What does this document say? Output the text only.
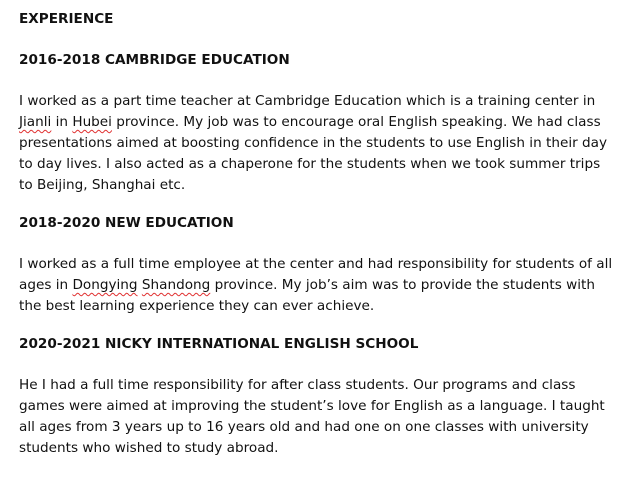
EXPERIENCE
2016-2018 CAMBRIDGE EDUCATION
I worked as a part time teacher at Cambridge Education which is a training center in
Jianli in Hubei province. My job was to encourage oral English speaking. We had class
presentations aimed at boosting confidence in the students to use English in their day
to day lives. I also acted as a chaperone for the students when we took summer trips
to Beijing, Shanghai etc.
2018-2020 NEW EDUCATION
I worked as a full time employee at the center and had responsibility for students of all
ages in Dongying Shandong province. My job’s aim was to provide the students with
the best learning experience they can ever achieve.
2020-2021 NICKY INTERNATIONAL ENGLISH SCHOOL
He I had a full time responsibility for after class students. Our programs and class
games were aimed at improving the student’s love for English as a language. I taught
all ages from 3 years up to 16 years old and had one on one classes with university
students who wished to study abroad.
